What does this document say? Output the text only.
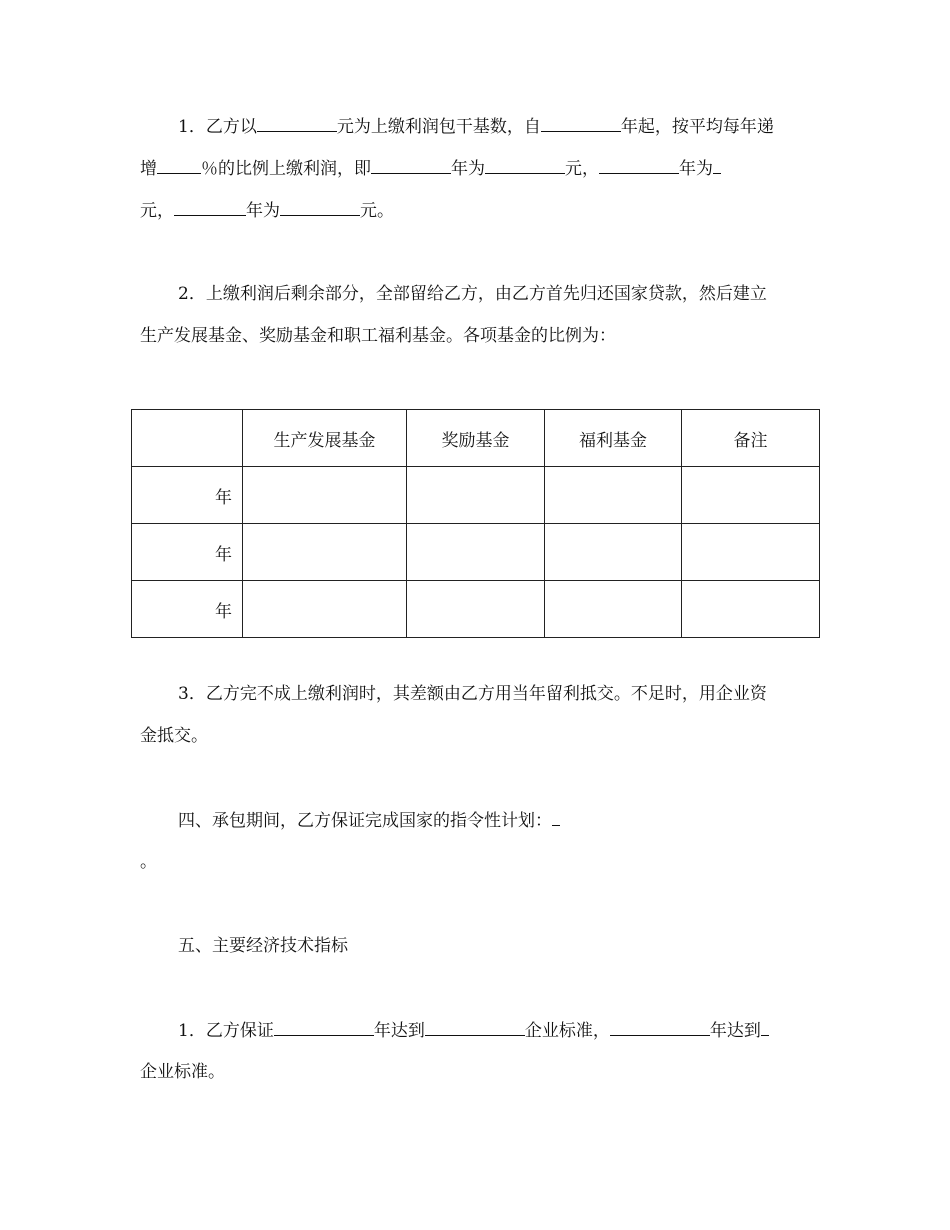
1．乙方以	元为上缴利润包干基数，自	年起，按平均每年递
增	％的比例上缴利润，即	年为	元，	年为
元，	年为	元。
2．上缴利润后剩余部分，全部留给乙方，由乙方首先归还国家贷款，然后建立
生产发展基金、奖励基金和职工福利基金。各项基金的比例为：
	生产发展基金	奖励基金	福利基金	备注
年				
年				
年				
3．乙方完不成上缴利润时，其差额由乙方用当年留利抵交。不足时，用企业资
金抵交。
四、承包期间，乙方保证完成国家的指令性计划：
。
五、主要经济技术指标
1．乙方保证	年达到	企业标准，	年达到
企业标准。
